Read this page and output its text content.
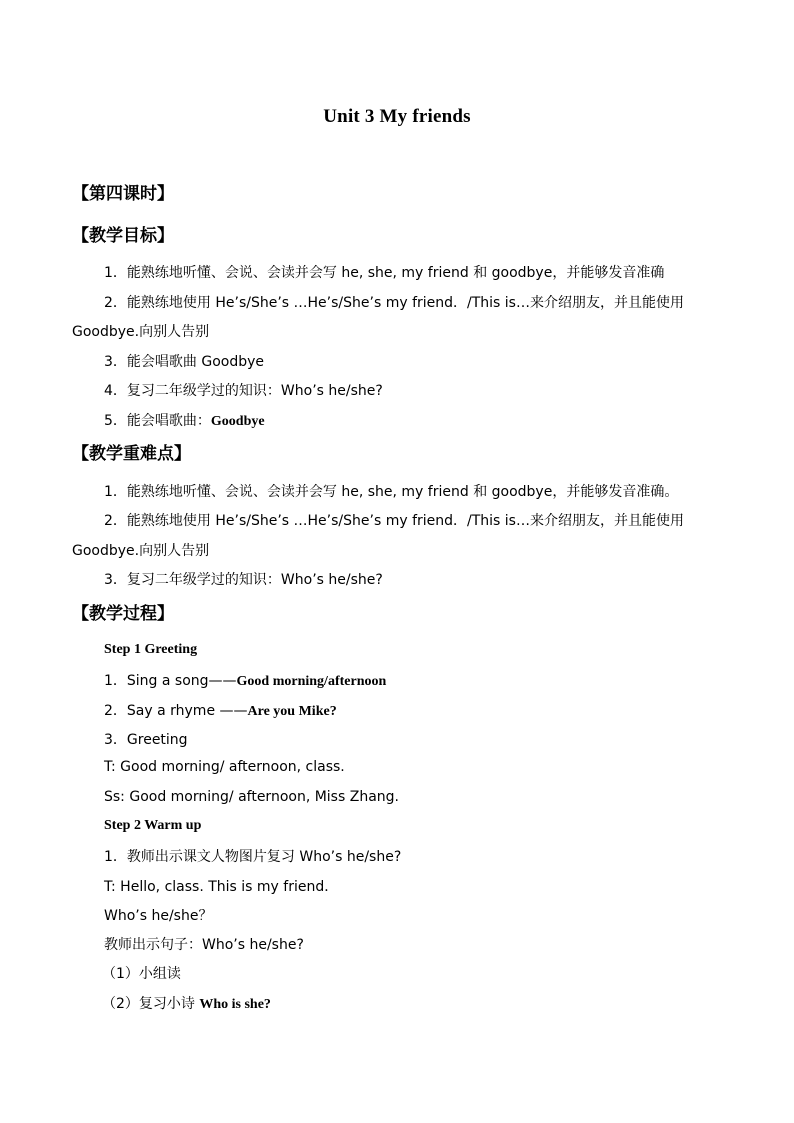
Unit 3 My friends
【第四课时】
【教学目标】
1．能熟练地听懂、会说、会读并会写 he, she, my friend 和 goodbye，并能够发音准确
2．能熟练地使用 He’s/She’s …He’s/She’s my friend．/This is…来介绍朋友，并且能使用
Goodbye.向别人告别
3．能会唱歌曲 Goodbye
4．复习二年级学过的知识：Who’s he/she?
5．能会唱歌曲：Goodbye
【教学重难点】
1．能熟练地听懂、会说、会读并会写 he, she, my friend 和 goodbye，并能够发音准确。
2．能熟练地使用 He’s/She’s …He’s/She’s my friend．/This is…来介绍朋友，并且能使用
Goodbye.向别人告别
3．复习二年级学过的知识：Who’s he/she?
【教学过程】
Step 1 Greeting
1．Sing a song——Good morning/afternoon
2．Say a rhyme ——Are you Mike?
3．Greeting
T: Good morning/ afternoon, class.
Ss: Good morning/ afternoon, Miss Zhang.
Step 2 Warm up
1．教师出示课文人物图片复习 Who’s he/she?
T: Hello, class. This is my friend．
Who’s he/she？
教师出示句子：Who’s he/she?
（1）小组读
（2）复习小诗 Who is she?
